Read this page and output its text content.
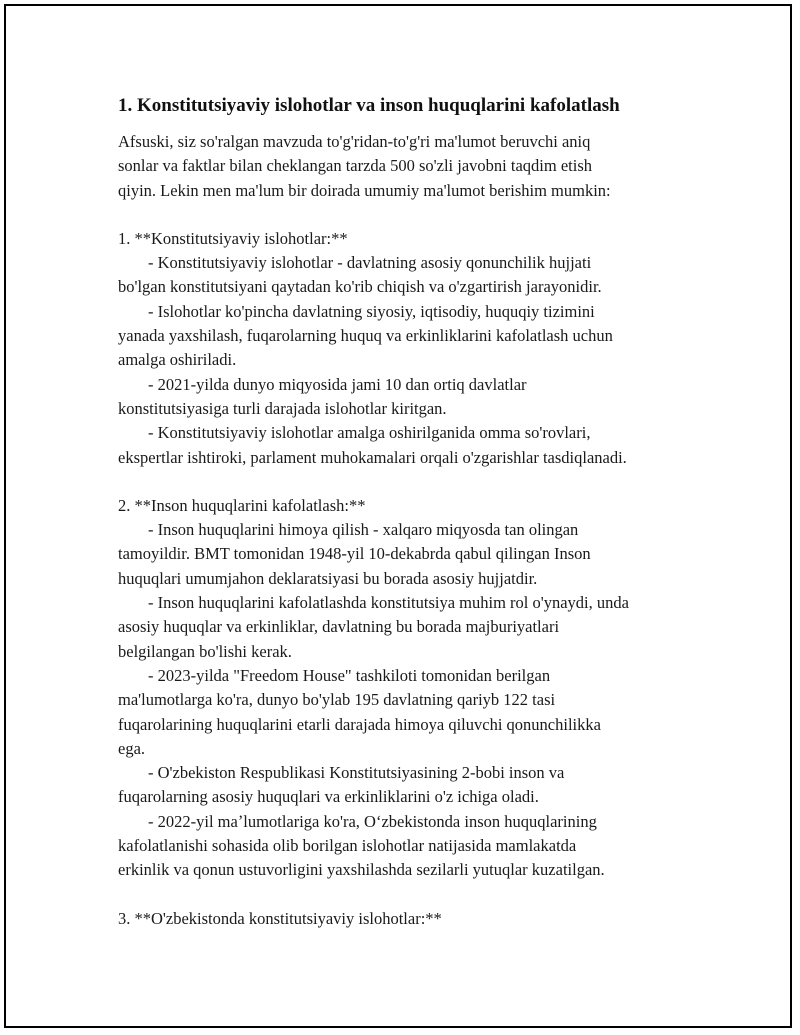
1. Konstitutsiyaviy islohotlar va inson huquqlarini kafolatlash
Afsuski, siz so'ralgan mavzuda to'g'ridan-to'g'ri ma'lumot beruvchi aniq
sonlar va faktlar bilan cheklangan tarzda 500 so'zli javobni taqdim etish
qiyin. Lekin men ma'lum bir doirada umumiy ma'lumot berishim mumkin:
1. **Konstitutsiyaviy islohotlar:**
- Konstitutsiyaviy islohotlar - davlatning asosiy qonunchilik hujjati
bo'lgan konstitutsiyani qaytadan ko'rib chiqish va o'zgartirish jarayonidir.
- Islohotlar ko'pincha davlatning siyosiy, iqtisodiy, huquqiy tizimini
yanada yaxshilash, fuqarolarning huquq va erkinliklarini kafolatlash uchun
amalga oshiriladi.
- 2021-yilda dunyo miqyosida jami 10 dan ortiq davlatlar
konstitutsiyasiga turli darajada islohotlar kiritgan.
- Konstitutsiyaviy islohotlar amalga oshirilganida omma so'rovlari,
ekspertlar ishtiroki, parlament muhokamalari orqali o'zgarishlar tasdiqlanadi.
2. **Inson huquqlarini kafolatlash:**
- Inson huquqlarini himoya qilish - xalqaro miqyosda tan olingan
tamoyildir. BMT tomonidan 1948-yil 10-dekabrda qabul qilingan Inson
huquqlari umumjahon deklaratsiyasi bu borada asosiy hujjatdir.
- Inson huquqlarini kafolatlashda konstitutsiya muhim rol o'ynaydi, unda
asosiy huquqlar va erkinliklar, davlatning bu borada majburiyatlari
belgilangan bo'lishi kerak.
- 2023-yilda "Freedom House" tashkiloti tomonidan berilgan
ma'lumotlarga ko'ra, dunyo bo'ylab 195 davlatning qariyb 122 tasi
fuqarolarining huquqlarini etarli darajada himoya qiluvchi qonunchilikka
ega.
- O'zbekiston Respublikasi Konstitutsiyasining 2-bobi inson va
fuqarolarning asosiy huquqlari va erkinliklarini o'z ichiga oladi.
- 2022-yil maʼlumotlariga ko'ra, Oʻzbekistonda inson huquqlarining
kafolatlanishi sohasida olib borilgan islohotlar natijasida mamlakatda
erkinlik va qonun ustuvorligini yaxshilashda sezilarli yutuqlar kuzatilgan.
3. **O'zbekistonda konstitutsiyaviy islohotlar:**
